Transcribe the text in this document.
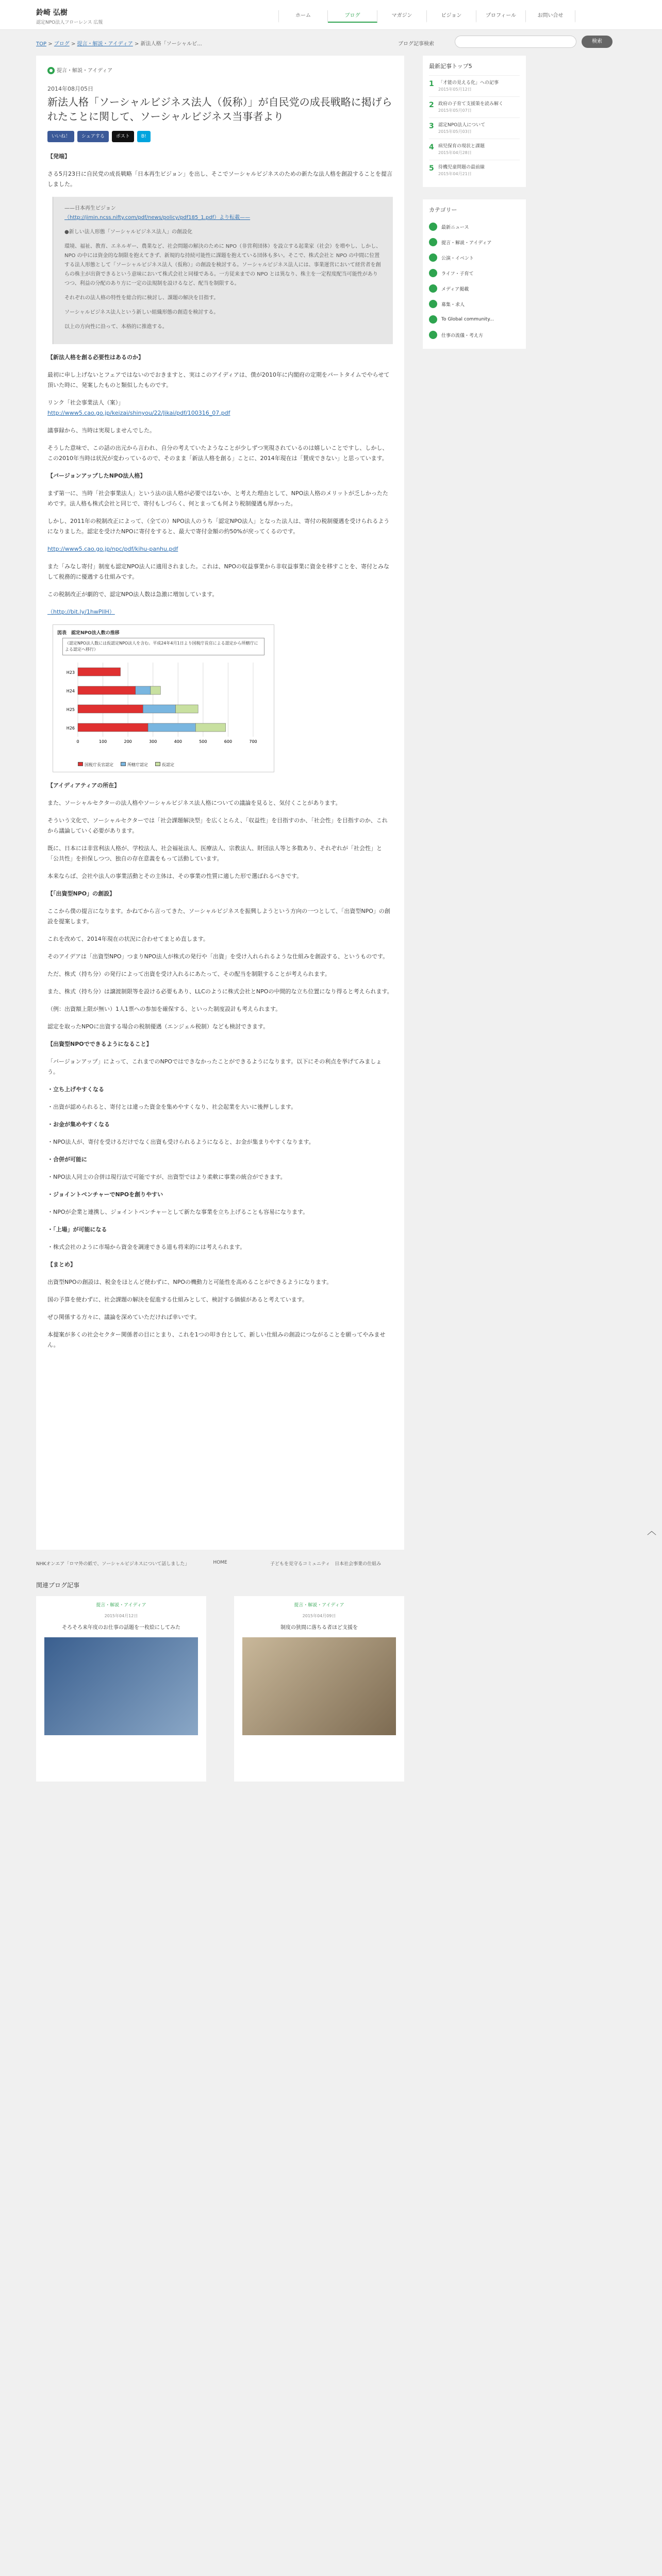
鈴崎 弘樹
認定NPO法人フローレンス 広報
ホーム	ブログ	マガジン	ビジョン	プロフィール	お問い合せ
TOP > ブログ > 提言・解説・アイディア > 新法人格「ソーシャルビ...	ブログ記事検索	検索
● 提言・解説・アイディア
2014年08月05日
新法人格「ソーシャルビジネス法人（仮称）」が自民党の成長戦略に掲げられたことに関して、ソーシャルビジネス当事者より
いいね！	シェアする	ポスト	B!

【発端】

さる5月23日に自民党の成長戦略「日本再生ビジョン」を出し、そこでソーシャルビジネスのための新たな法人格を創設することを提言しました。

——日本再生ビジョン
（http://jimin.ncss.nifty.com/pdf/news/policy/pdf185_1.pdf）より転載——

●新しい法人形態「ソーシャルビジネス法人」の創設化

環境、福祉、教育、エネルギー、農業など、社会問題の解決のために NPO（非営利団体）を設立する起業家（社会）を増やし、しかし、NPO の中には資金的な制限を抱えてきず、新規的な持続可能性に課題を抱えている団体も多い。そこで、株式会社と NPO の中間に位置する法人形態として「ソーシャルビジネス法人（仮称）」の創設を検討する。ソーシャルビジネス法人には、事業運営において経営者を創らの株主が出資できるという意味において株式会社と同様である。一方従来までの NPO とは異なり、株主を一定程度配当可能性がありつつ、利益の分配のあり方に一定の法規制を設けるなど、配当を制限する。

それぞれの法人格の特性を総合的に検討し、課題の解決を目指す。

ソーシャルビジネス法人という新しい組織形態の創造を検討する。

以上の方向性に沿って、本格的に推進する。

【新法人格を創る必要性はあるのか】

最初に申し上げないとフェアではないのでおきますと、実はこのアイディアは、僕が2010年に内閣府の定期をパートタイムでやらせて頂いた時に、発案したものと類似したものです。

リンク「社会事業法人（案）」
http://www5.cao.go.jp/keizai/shinyou/22/Jikai/pdf/100316_07.pdf

議事録から、当時は実現しませんでした。

そうした意味で、この話の出元から言われ、自分の考えていたようなことが少しずつ実現されているのは嬉しいことですし、しかし、この2010年当時は状況が変わっているので、そのまま「新法人格を創る」ことに、2014年現在は「賛成できない」と思っています。

【バージョンアップしたNPO法人格】

まず第一に、当時「社会事業法人」という法の法人格が必要ではないか、と考えた理由として、NPO法人格のメリットが乏しかったためです。法人格も株式会社と同じで、寄付もしづらく、何とまっても何より税制優遇も厚かった。

しかし、2011年の税制改正によって、（全ての）NPO法人のうち「認定NPO法人」となった法人は、寄付の税制優遇を受けられるようになりました。認定を受けたNPOに寄付をすると、最大で寄付金額の約50%が戻ってくるのです。

http://www5.cao.go.jp/npc/pdf/kihu-panhu.pdf

また「みなし寄付」制度も認定NPO法人に適用されました。これは、NPOの収益事業から非収益事業に資金を移すことを、寄付とみなして税務的に優遇する仕組みです。

この税制改正が劇的で、認定NPO法人数は急激に増加しています。

（http://bit.ly/1hwPllH）

図表　認定NPO法人数の推移
（認定NPO法人数には仮認定NPO法人を含む。平成24年4月1日より国税庁長官による認定から所轄庁による認定へ移行）
0	100	200	300	400	500	600	700
H23
H24
H25
H26
国税庁長官認定	所轄庁認定	仮認定

【アイディアティアの所在】

また、ソーシャルセクターの法人格やソーシャルビジネス法人格についての議論を見ると、気付くことがあります。

そういう文化で、ソーシャルセクターでは「社会課題解決型」を広くとらえ、「収益性」を目指すのか、「社会性」を目指すのか、これから議論していく必要があります。

既に、日本には非営利法人格が、学校法人、社会福祉法人、医療法人、宗教法人、財団法人等と多数あり、それぞれが「社会性」と「公共性」を担保しつつ、独自の存在意義をもって活動しています。

本来ならば、会社や法人の事業活動とその主体は、その事業の性質に適した形で選ばれるべきです。

【「出資型NPO」の創設】

ここから僕の提言になります。かねてから言ってきた、ソーシャルビジネスを振興しようという方向の一つとして、「出資型NPO」の創設を提案します。

これを改めて、2014年現在の状況に合わせてまとめ直します。

そのアイデアは「出資型NPO」つまりNPO法人が株式の発行や「出資」を受け入れられるような仕組みを創設する、というものです。

ただ、株式（持ち分）の発行によって出資を受け入れるにあたって、その配当を制限することが考えられます。

また、株式（持ち分）は譲渡制限等を設ける必要もあり、LLCのように株式会社とNPOの中間的な立ち位置になり得ると考えられます。

（例：出資額上限が無い）1人1票への参加を確保する、といった制度設計も考えられます。

認定を取ったNPOに出資する場合の税制優遇（エンジェル税制）なども検討できます。

【出資型NPOでできるようになること】

「バージョンアップ」によって、これまでのNPOではできなかったことができるようになります。以下にその利点を挙げてみましょう。

・立ち上げやすくなる

・出資が認められると、寄付とは違った資金を集めやすくなり、社会起業を大いに後押しします。

・お金が集めやすくなる

・NPO法人が、寄付を受けるだけでなく出資も受けられるようになると、お金が集まりやすくなります。

・合併が可能に

・NPO法人同士の合併は現行法で可能ですが、出資型ではより柔軟に事業の統合ができます。

・ジョイントベンチャーでNPOを創りやすい

・NPOが企業と連携し、ジョイントベンチャーとして新たな事業を立ち上げることも容易になります。

・「上場」が可能になる

・株式会社のように市場から資金を調達できる道も将来的には考えられます。

【まとめ】

出資型NPOの創設は、税金をほとんど使わずに、NPOの機動力と可能性を高めることができるようになります。

国の予算を使わずに、社会課題の解決を促進する仕組みとして、検討する価値があると考えています。

ぜひ関係する方々に、議論を深めていただければ幸いです。

本提案が多くの社会セクター関係者の目にとまり、これを1つの叩き台として、新しい仕組みの創設につながることを願ってやみません。

最新記事トップ5
1 「才能の見える化」への記事
2015年05月12日
2 政府の子育て支援策を読み解く
2015年05月07日
3 認定NPO法人について
2015年05月03日
4 病児保育の現状と課題
2015年04月28日
5 待機児童問題の最前線
2015年04月21日
カテゴリー
最新ニュース
提言・解説・アイディア
公演・イベント
ライフ・子育て
メディア掲載
募集・求人
To Global community...
仕事の流儀・考え方
NHKオンエア「ロマ外の紙で、ソーシャルビジネスについて話しました」	HOME	子どもを見守るコミュニティ　日本社会事業の仕組み
関連ブログ記事
提言・解説・アイディア
2015年04月12日
そろそろ来年度のお仕事の話題を一枚絵にしてみた
提言・解説・アイディア
2015年04月09日
制度の狭間に落ちる者ほど支援を
︿
